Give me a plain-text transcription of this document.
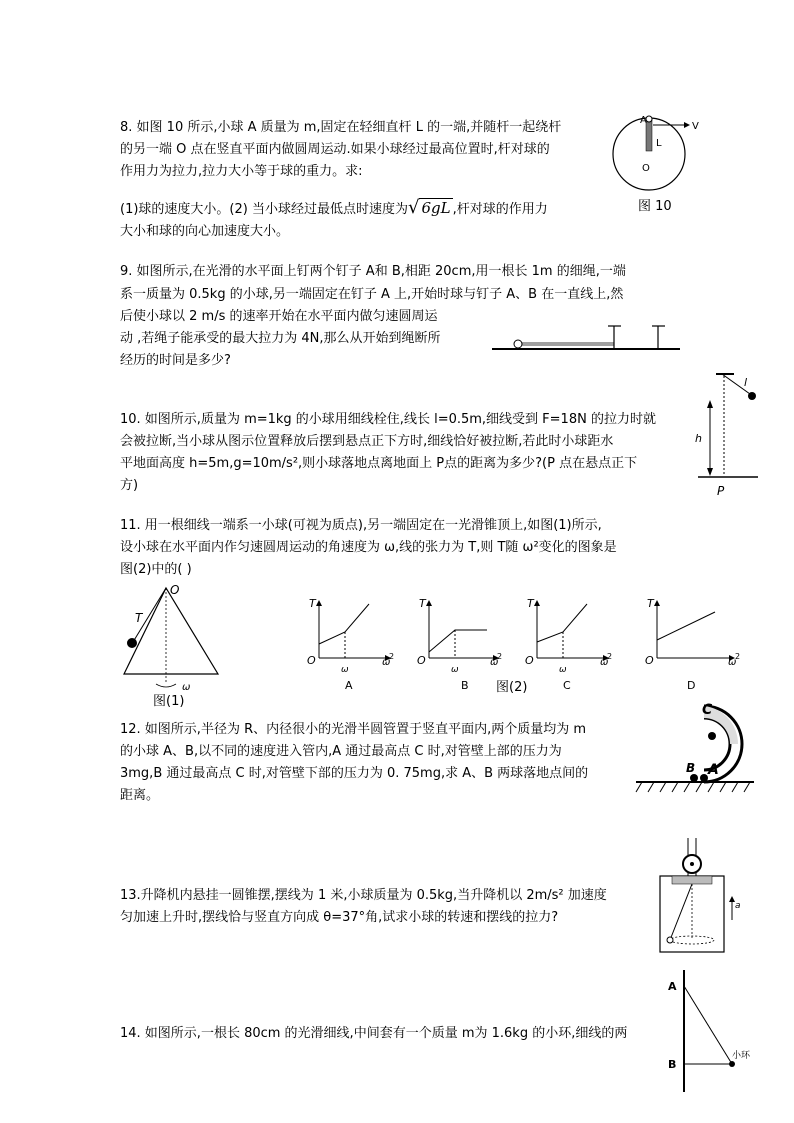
8. 如图 10 所示,小球 A 质量为 m,固定在轻细直杆 L 的一端,并随杆一起绕杆
的另一端 O 点在竖直平面内做圆周运动.如果小球经过最高位置时,杆对球的
作用力为拉力,拉力大小等于球的重力。求:
(1)球的速度大小。(2) 当小球经过最低点时速度为√ 6gL ,杆对球的作用力
大小和球的向心加速度大小。
A
V
L
O
图 10
9. 如图所示,在光滑的水平面上钉两个钉子 A和 B,相距 20cm,用一根长 1m 的细绳,一端
系一质量为 0.5kg 的小球,另一端固定在钉子 A 上,开始时球与钉子 A、B 在一直线上,然
后使小球以 2 m/s 的速率开始在水平面内做匀速圆周运
动 ,若绳子能承受的最大拉力为 4N,那么从开始到绳断所
经历的时间是多少?
10. 如图所示,质量为 m=1kg 的小球用细线栓住,线长 l=0.5m,细线受到 F=18N 的拉力时就
会被拉断,当小球从图示位置释放后摆到悬点正下方时,细线恰好被拉断,若此时小球距水
平地面高度 h=5m,g=10m/s²,则小球落地点离地面上 P点的距离为多少?(P 点在悬点正下
方)
l
h
P
11. 用一根细线一端系一小球(可视为质点),另一端固定在一光滑锥顶上,如图(1)所示,
设小球在水平面内作匀速圆周运动的角速度为 ω,线的张力为 T,则 T随 ω²变化的图象是
图(2)中的( )
O
T
ω
图(1)
T
O
ω
ω
2
A
T
O
ω
ω
2
B
T
O
ω
ω
2
C
T
O	ω
2
D
图(2)
12. 如图所示,半径为 R、内径很小的光滑半圆管置于竖直平面内,两个质量均为 m
的小球 A、B,以不同的速度进入管内,A 通过最高点 C 时,对管壁上部的压力为
3mg,B 通过最高点 C 时,对管壁下部的压力为 0. 75mg,求 A、B 两球落地点间的
距离。
C
B A
13.升降机内悬挂一圆锥摆,摆线为 1 米,小球质量为 0.5kg,当升降机以 2m/s² 加速度
匀加速上升时,摆线恰与竖直方向成 θ=37°角,试求小球的转速和摆线的拉力?
a
14. 如图所示,一根长 80cm 的光滑细线,中间套有一个质量 m为 1.6kg 的小环,细线的两
A
B
小环
